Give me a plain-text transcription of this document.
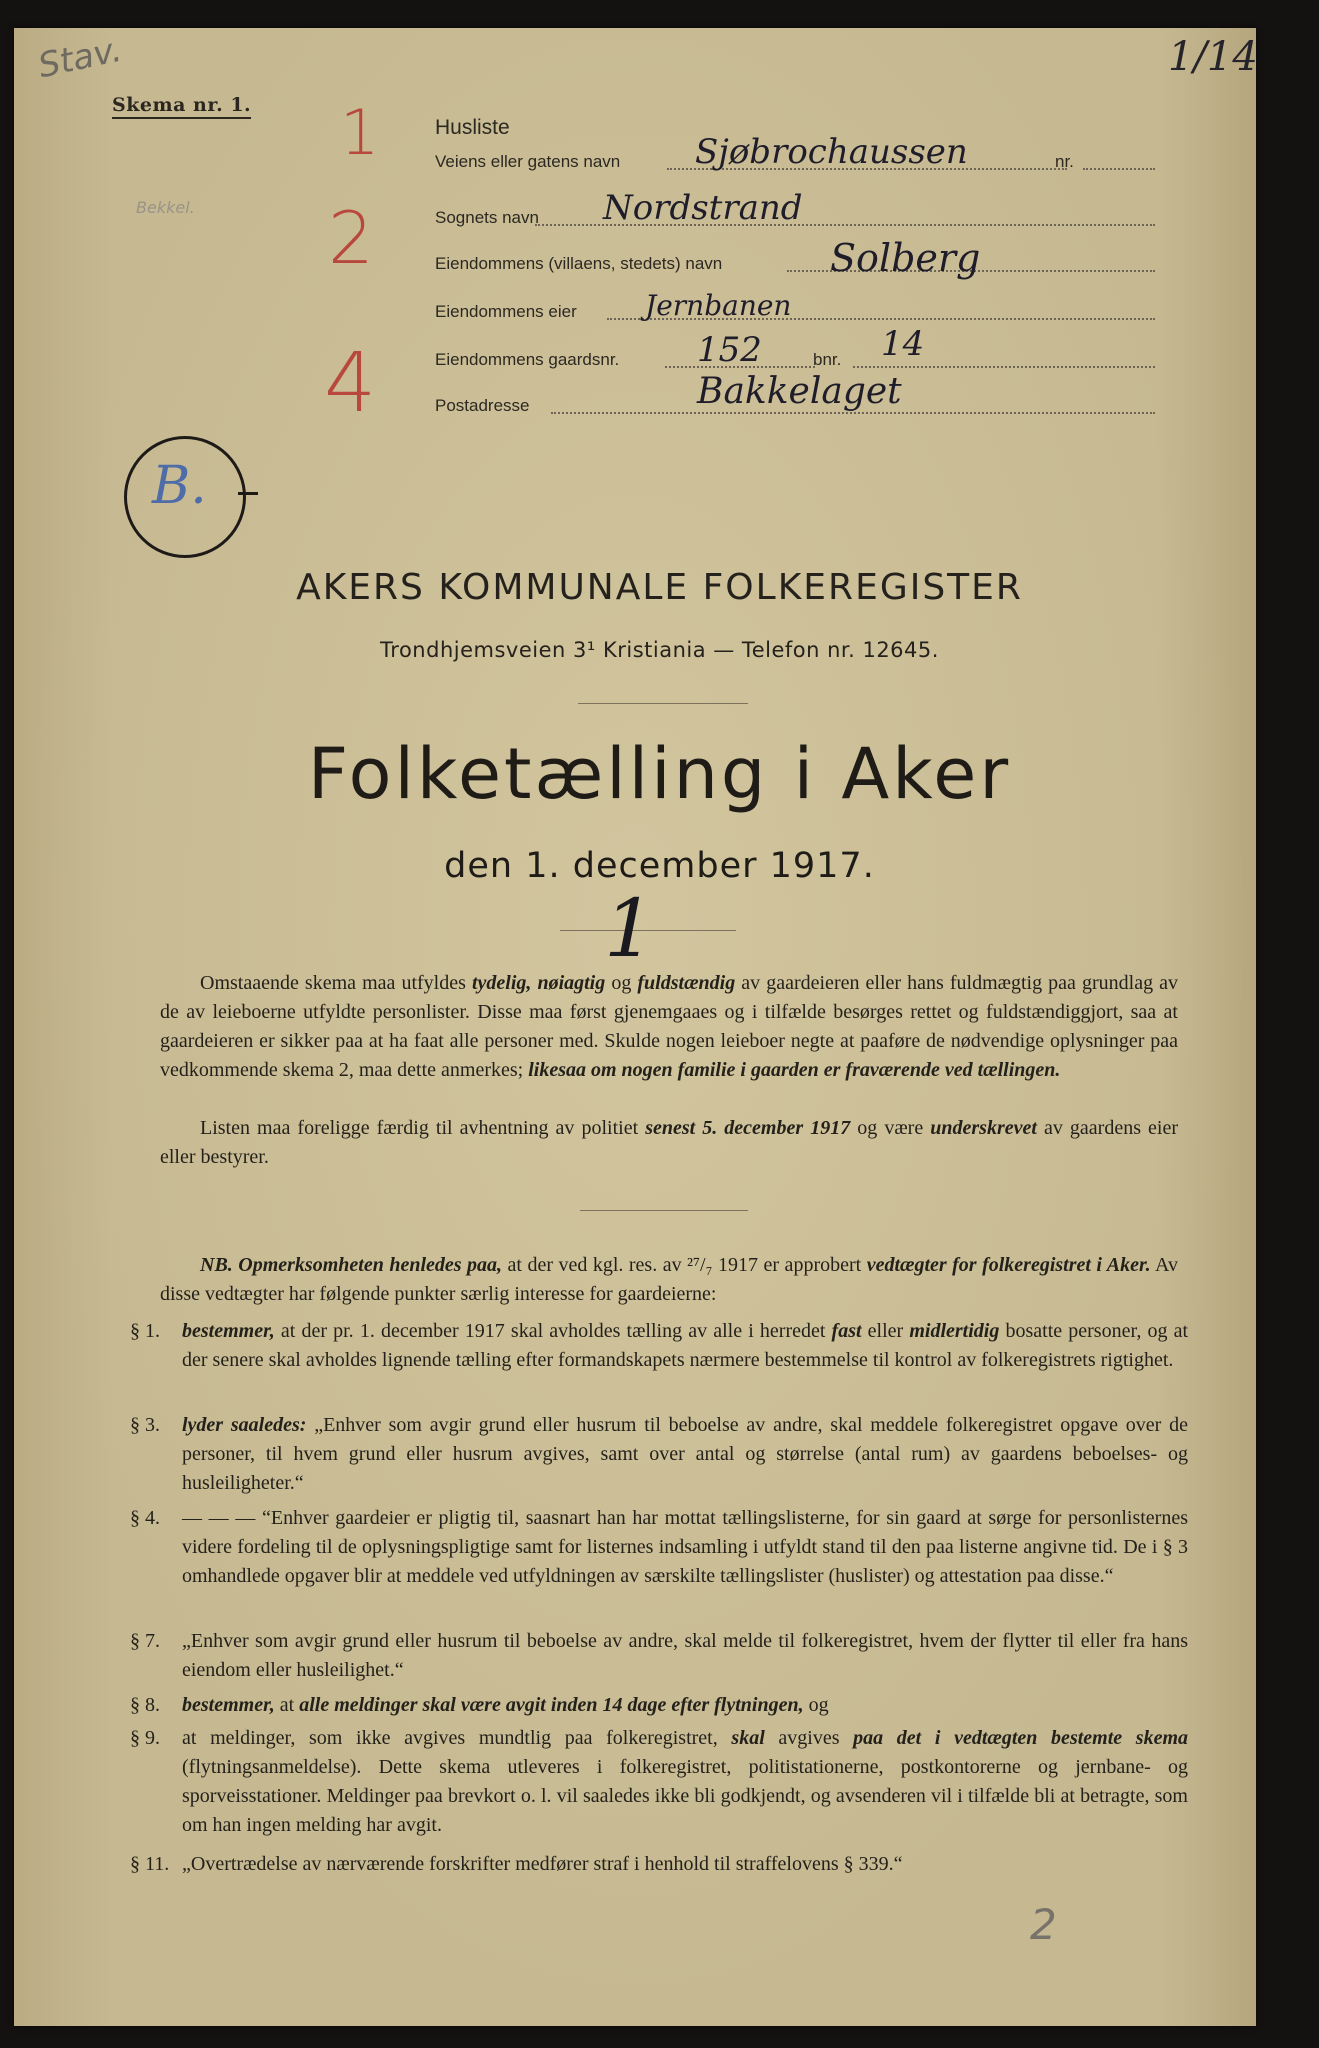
Stav.	1/14
Bekkel.
1
2
4
Skema nr. 1.
Husliste
Veiens eller gatens navn Sjøbrochaussen	nr.
Sognets navn Nordstrand
Eiendommens (villaens, stedets) navn	Solberg
Eiendommens eier Jernbanen
Eiendommens gaardsnr. 152	bnr. 14
Postadresse	Bakkelaget
B.
AKERS KOMMUNALE FOLKEREGISTER
Trondhjemsveien 3¹ Kristiania — Telefon nr. 12645.
Folketælling i Aker
den 1. december 1917.
1
Omstaaende skema maa utfyldes tydelig, nøiagtig og fuldstændig av gaardeieren eller hans fuldmægtig paa grundlag av de av leieboerne utfyldte personlister. Disse maa først gjenemgaaes og i tilfælde besørges rettet og fuldstændiggjort, saa at gaardeieren er sikker paa at ha faat alle personer med. Skulde nogen leieboer negte at paaføre de nødvendige oplysninger paa vedkommende skema 2, maa dette anmerkes; likesaa om nogen familie i gaarden er fraværende ved tællingen.
Listen maa foreligge færdig til avhentning av politiet senest 5. december 1917 og være underskrevet av gaardens eier eller bestyrer.
NB. Opmerksomheten henledes paa, at der ved kgl. res. av ²⁷/₇ 1917 er approbert vedtægter for folkeregistret i Aker. Av disse vedtægter har følgende punkter særlig interesse for gaardeierne:
§ 1.	bestemmer, at der pr. 1. december 1917 skal avholdes tælling av alle i herredet fast eller midlertidig bosatte personer, og at der senere skal avholdes lignende tælling efter formandskapets nærmere bestemmelse til kontrol av folkeregistrets rigtighet.
§ 3.	lyder saaledes: „Enhver som avgir grund eller husrum til beboelse av andre, skal meddele folkeregistret opgave over de personer, til hvem grund eller husrum avgives, samt over antal og størrelse (antal rum) av gaardens beboelses- og husleiligheter.“
§ 4.	— — — “Enhver gaardeier er pligtig til, saasnart han har mottat tællingslisterne, for sin gaard at sørge for personlisternes videre fordeling til de oplysningspligtige samt for listernes indsamling i utfyldt stand til den paa listerne angivne tid. De i § 3 omhandlede opgaver blir at meddele ved utfyldningen av særskilte tællingslister (huslister) og attestation paa disse.“
§ 7.	„Enhver som avgir grund eller husrum til beboelse av andre, skal melde til folkeregistret, hvem der flytter til eller fra hans eiendom eller husleilighet.“
§ 8.	bestemmer, at alle meldinger skal være avgit inden 14 dage efter flytningen, og
§ 9.	at meldinger, som ikke avgives mundtlig paa folkeregistret, skal avgives paa det i vedtægten bestemte skema (flytningsanmeldelse). Dette skema utleveres i folkeregistret, politistationerne, postkontorerne og jernbane- og sporveisstationer. Meldinger paa brevkort o. l. vil saaledes ikke bli godkjendt, og avsenderen vil i tilfælde bli at betragte, som om han ingen melding har avgit.
§ 11. „Overtrædelse av nærværende forskrifter medfører straf i henhold til straffelovens § 339.“
2
